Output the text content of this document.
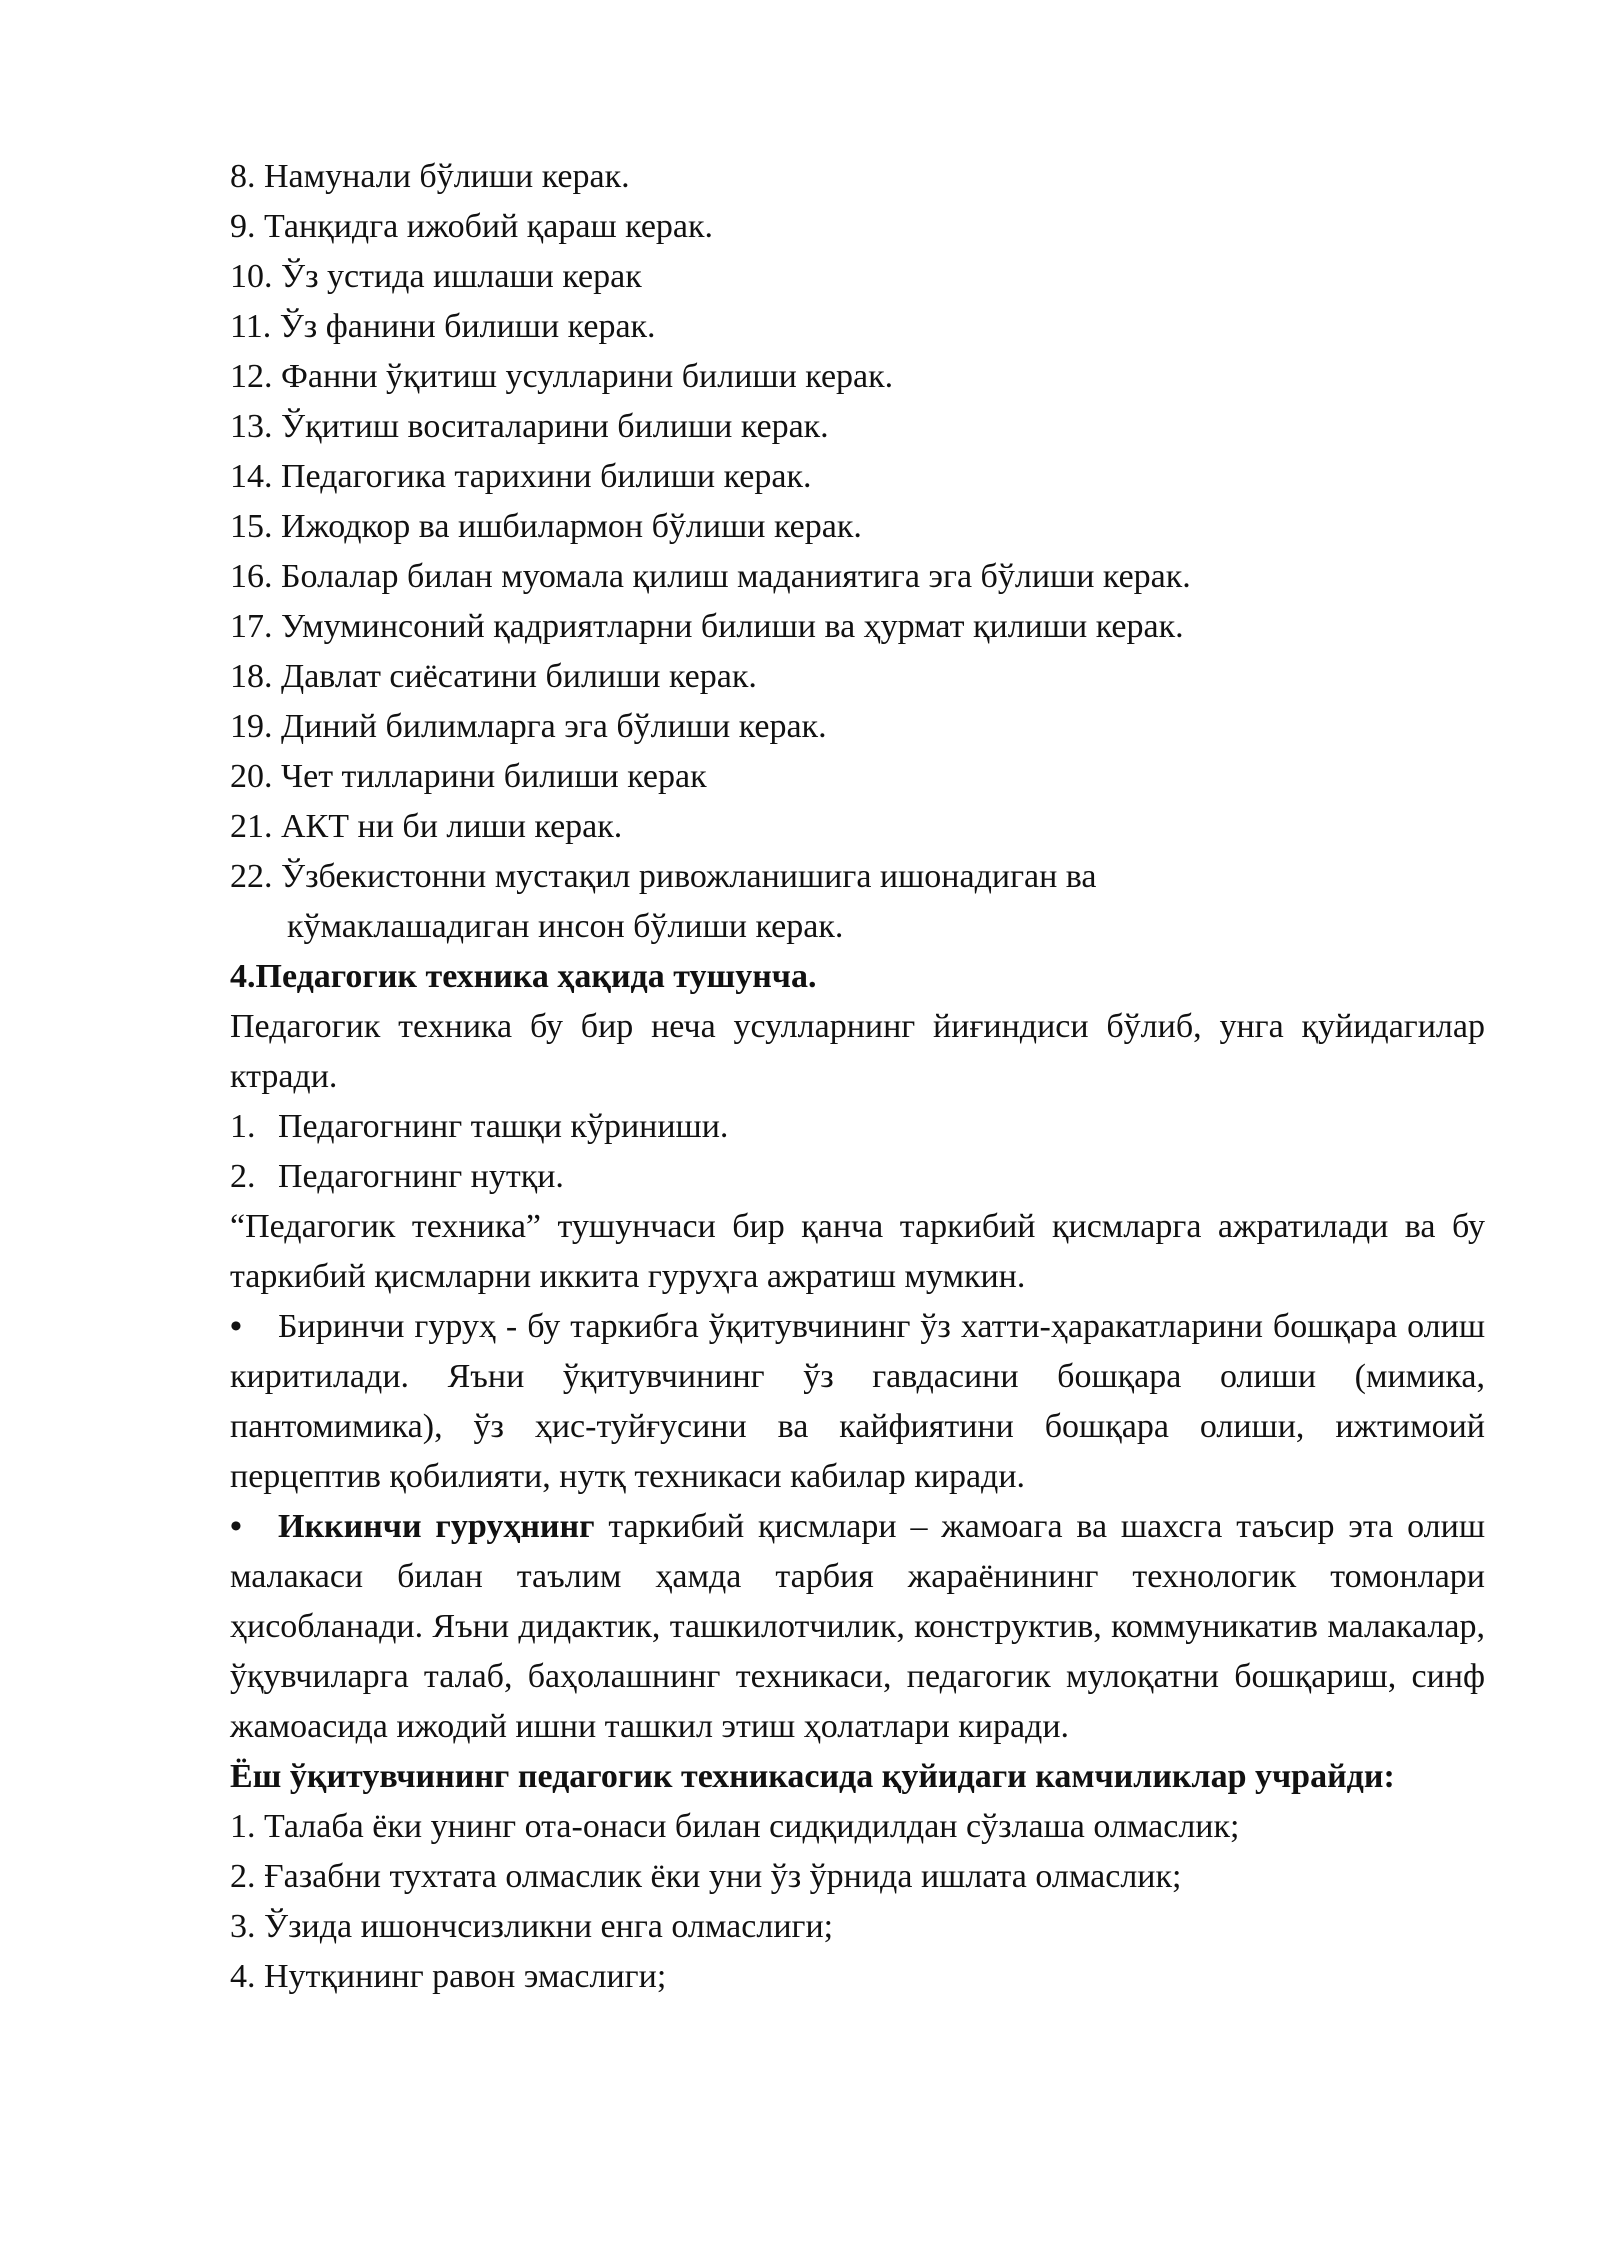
8. Намунали бўлиши керак.

9. Танқидга ижобий қараш керак.

10. Ўз устида ишлаши керак

11. Ўз фанини билиши керак.

12. Фанни ўқитиш усулларини билиши керак.

13. Ўқитиш воситаларини билиши керак.

14. Педагогика тарихини билиши керак.

15. Ижодкор ва ишбилармон бўлиши керак.

16. Болалар билан муомала қилиш маданиятига эга бўлиши керак.

17. Умуминсоний қадриятларни билиши ва ҳурмат қилиши керак.

18. Давлат сиёсатини билиши керак.

19. Диний билимларга эга бўлиши керак.

20. Чет тилларини билиши керак

21. АКТ ни би лиши керак.

22. Ўзбекистонни мустақил ривожланишига ишонадиган ва

кўмаклашадиган инсон бўлиши керак.

4.Педагогик техника ҳақида тушунча.

Педагогик техника бу бир неча усулларнинг йиғиндиси бўлиб, унга қуйидагилар ктради.

1. Педагогнинг ташқи кўриниши.

2. Педагогнинг нутқи.

“Педагогик техника” тушунчаси бир қанча таркибий қисмларга ажратилади ва бу таркибий қисмларни иккита гуруҳга ажратиш мумкин.

• Биринчи гуруҳ - бу таркибга ўқитувчининг ўз хатти-ҳаракатларини бошқара олиш киритилади. Яъни ўқитувчининг ўз гавдасини бошқара олиши (мимика, пантомимика), ўз ҳис-туйғусини ва кайфиятини бошқара олиши, ижтимоий перцептив қобилияти, нутқ техникаси кабилар киради.

• Иккинчи гуруҳнинг таркибий қисмлари – жамоага ва шахсга таъсир эта олиш малакаси билан таълим ҳамда тарбия жараёнининг технологик томонлари ҳисобланади. Яъни дидактик, ташкилотчилик, конструктив, коммуникатив малакалар, ўқувчиларга талаб, баҳолашнинг техникаси, педагогик мулоқатни бошқариш, синф жамоасида ижодий ишни ташкил этиш ҳолатлари киради.

Ёш ўқитувчининг педагогик техникасида қуйидаги камчиликлар учрайди:

1. Талаба ёки унинг ота-онаси билан сидқидилдан сўзлаша олмаслик;

2. Ғазабни тухтата олмаслик ёки уни ўз ўрнида ишлата олмаслик;

3. Ўзида ишончсизликни енга олмаслиги;

4. Нутқининг равон эмаслиги;
